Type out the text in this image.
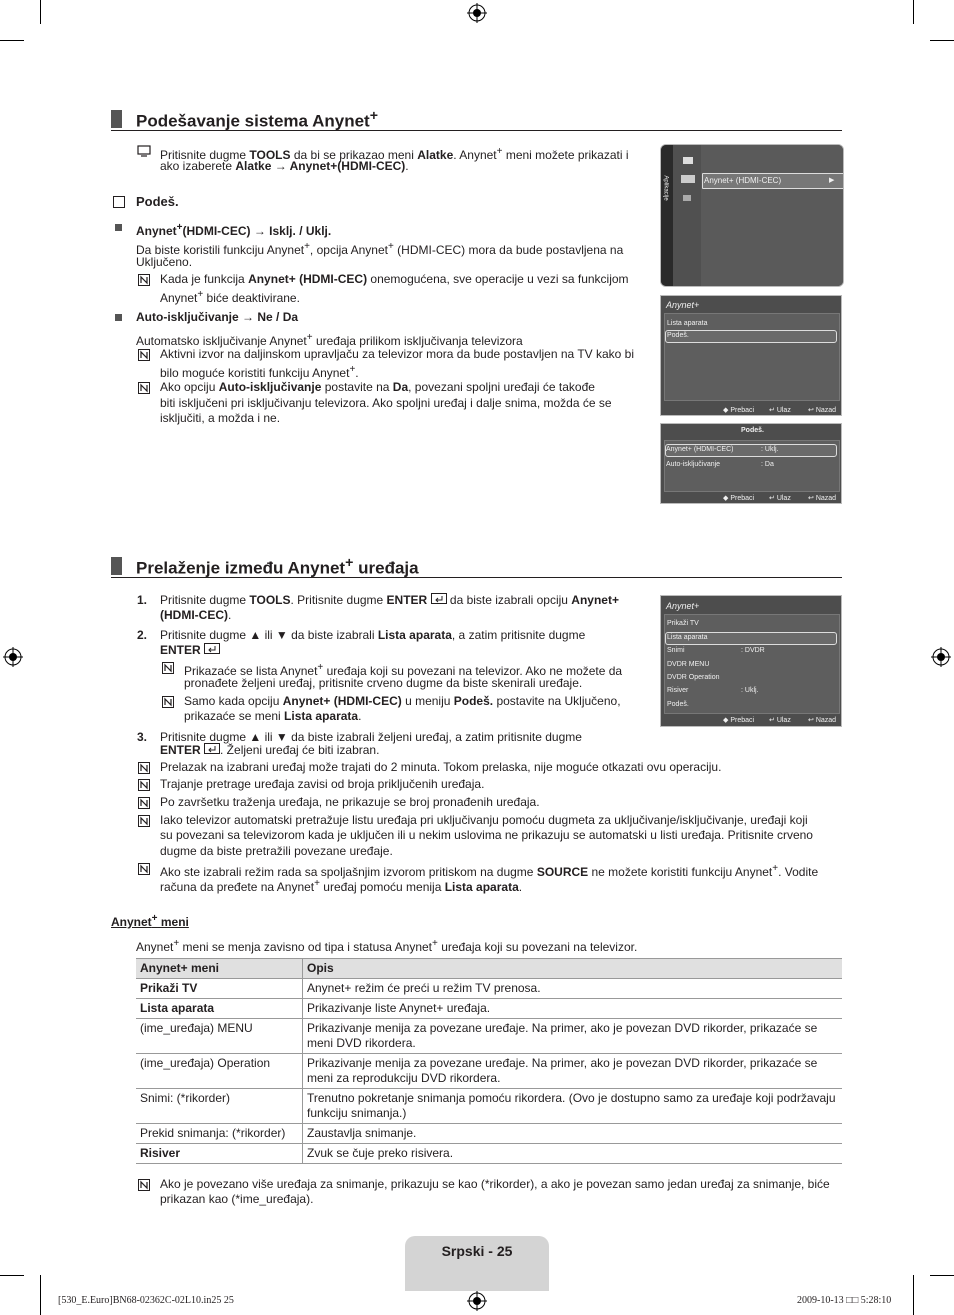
Podešavanje sistema Anynet+
Pritisnite dugme TOOLS da bi se prikazao meni Alatke. Anynet+ meni možete prikazati i
ako izaberete Alatke → Anynet+(HDMI-CEC).
Podeš.
Anynet+(HDMI-CEC) → Isklj. / Uklj.
Da biste koristili funkciju Anynet+, opcija Anynet+ (HDMI-CEC) mora da bude postavljena na
Uključeno.
Kada je funkcija Anynet+ (HDMI-CEC) onemogućena, sve operacije u vezi sa funkcijom
Anynet+ biće deaktivirane.
Auto-isključivanje → Ne / Da
Automatsko isključivanje Anynet+ uređaja prilikom isključivanja televizora
Aktivni izvor na daljinskom upravljaču za televizor mora da bude postavljen na TV kako bi
bilo moguće koristiti funkciju Anynet+.
Ako opciju Auto-isključivanje postavite na Da, povezani spoljni uređaji će takođe
biti isključeni pri isključivanju televizora. Ako spoljni uređaj i dalje snima, možda će se
isključiti, a možda i ne.
Aplikacije	Anynet+ (HDMI-CEC)	▶
Anynet+
Lista aparata
Podeš.
◆ Prebaci ↵ Ulaz ↩ Nazad
Podeš.
Anynet+ (HDMI-CEC)	: Uklj.
Auto-isključivanje	: Da
◆ Prebaci ↵ Ulaz ↩ Nazad
Prelaženje između Anynet+ uređaja
1. Pritisnite dugme TOOLS. Pritisnite dugme ENTER  da biste izabrali opciju Anynet+
(HDMI-CEC).
2. Pritisnite dugme ▲ ili ▼ da biste izabrali Lista aparata, a zatim pritisnite dugme
ENTER
Prikazaće se lista Anynet+ uređaja koji su povezani na televizor. Ako ne možete da
pronađete željeni uređaj, pritisnite crveno dugme da biste skenirali uređaje.
Samo kada opciju Anynet+ (HDMI-CEC) u meniju Podeš. postavite na Uključeno,
prikazaće se meni Lista aparata.
3. Pritisnite dugme ▲ ili ▼ da biste izabrali željeni uređaj, a zatim pritisnite dugme
ENTER . Željeni uređaj će biti izabran.
Prelazak na izabrani uređaj može trajati do 2 minuta. Tokom prelaska, nije moguće otkazati ovu operaciju.
Trajanje pretrage uređaja zavisi od broja priključenih uređaja.
Po završetku traženja uređaja, ne prikazuje se broj pronađenih uređaja.
Iako televizor automatski pretražuje listu uređaja pri uključivanju pomoću dugmeta za uključivanje/isključivanje, uređaji koji
su povezani sa televizorom kada je uključen ili u nekim uslovima ne prikazuju se automatski u listi uređaja. Pritisnite crveno
dugme da biste pretražili povezane uređaje.
Ako ste izabrali režim rada sa spoljašnjim izvorom pritiskom na dugme SOURCE ne možete koristiti funkciju Anynet+. Vodite
računa da pređete na Anynet+ uređaj pomoću menija Lista aparata.
Anynet+
Prikaži TV
Lista aparata
Snimi	: DVDR
DVDR MENU
DVDR Operation
Risiver	: Uklj.
Podeš.
◆ Prebaci ↵ Ulaz ↩ Nazad
Anynet+ meni
Anynet+ meni se menja zavisno od tipa i statusa Anynet+ uređaja koji su povezani na televizor.
Anynet+ meni	Opis
Prikaži TV	Anynet+ režim će preći u režim TV prenosa.
Lista aparata	Prikazivanje liste Anynet+ uređaja.
(ime_uređaja) MENU	Prikazivanje menija za povezane uređaje. Na primer, ako je povezan DVD rikorder, prikazaće se meni DVD rikordera.
(ime_uređaja) Operation	Prikazivanje menija za povezane uređaje. Na primer, ako je povezan DVD rikorder, prikazaće se meni za reprodukciju DVD rikordera.
Snimi: (*rikorder)	Trenutno pokretanje snimanja pomoću rikordera. (Ovo je dostupno samo za uređaje koji podržavaju funkciju snimanja.)
Prekid snimanja: (*rikorder)	Zaustavlja snimanje.
Risiver	Zvuk se čuje preko risivera.
Ako je povezano više uređaja za snimanje, prikazuju se kao (*rikorder), a ako je povezan samo jedan uređaj za snimanje, biće
prikazan kao (*ime_uređaja).
Srpski - 25
[530_E.Euro]BN68-02362C-02L10.in25 25	2009-10-13 □□ 5:28:10
